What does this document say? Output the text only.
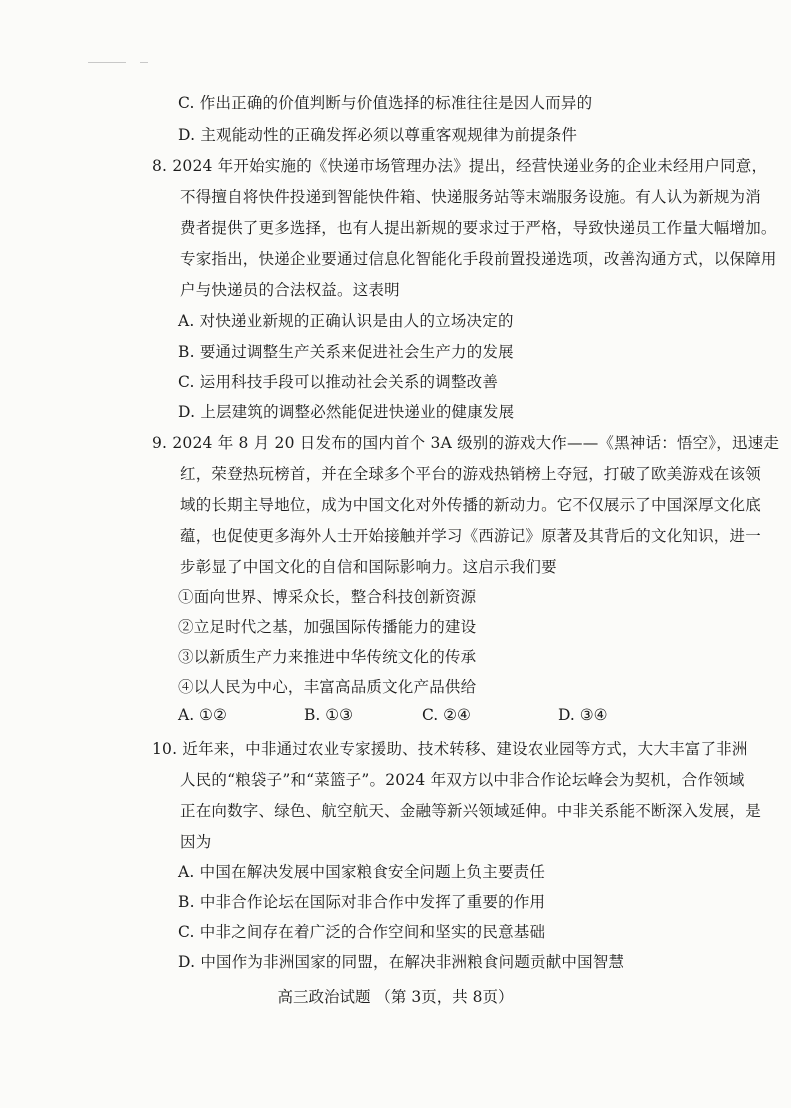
C. 作出正确的价值判断与价值选择的标准往往是因人而异的
D. 主观能动性的正确发挥必须以尊重客观规律为前提条件
8. 2024 年开始实施的《快递市场管理办法》提出，经营快递业务的企业未经用户同意，
不得擅自将快件投递到智能快件箱、快递服务站等末端服务设施。有人认为新规为消
费者提供了更多选择，也有人提出新规的要求过于严格，导致快递员工作量大幅增加。
专家指出，快递企业要通过信息化智能化手段前置投递选项，改善沟通方式，以保障用
户与快递员的合法权益。这表明
A. 对快递业新规的正确认识是由人的立场决定的
B. 要通过调整生产关系来促进社会生产力的发展
C. 运用科技手段可以推动社会关系的调整改善
D. 上层建筑的调整必然能促进快递业的健康发展
9. 2024 年 8 月 20 日发布的国内首个 3A 级别的游戏大作——《黑神话：悟空》，迅速走
红，荣登热玩榜首，并在全球多个平台的游戏热销榜上夺冠，打破了欧美游戏在该领
域的长期主导地位，成为中国文化对外传播的新动力。它不仅展示了中国深厚文化底
蕴，也促使更多海外人士开始接触并学习《西游记》原著及其背后的文化知识，进一
步彰显了中国文化的自信和国际影响力。这启示我们要
①面向世界、博采众长，整合科技创新资源
②立足时代之基，加强国际传播能力的建设
③以新质生产力来推进中华传统文化的传承
④以人民为中心，丰富高品质文化产品供给
A. ①②	B. ①③	C. ②④	D. ③④
10. 近年来，中非通过农业专家援助、技术转移、建设农业园等方式，大大丰富了非洲
人民的“粮袋子”和“菜篮子”。2024 年双方以中非合作论坛峰会为契机，合作领域
正在向数字、绿色、航空航天、金融等新兴领域延伸。中非关系能不断深入发展，是
因为
A. 中国在解决发展中国家粮食安全问题上负主要责任
B. 中非合作论坛在国际对非合作中发挥了重要的作用
C. 中非之间存在着广泛的合作空间和坚实的民意基础
D. 中国作为非洲国家的同盟，在解决非洲粮食问题贡献中国智慧
高三政治试题 （第 3页，共 8页）
